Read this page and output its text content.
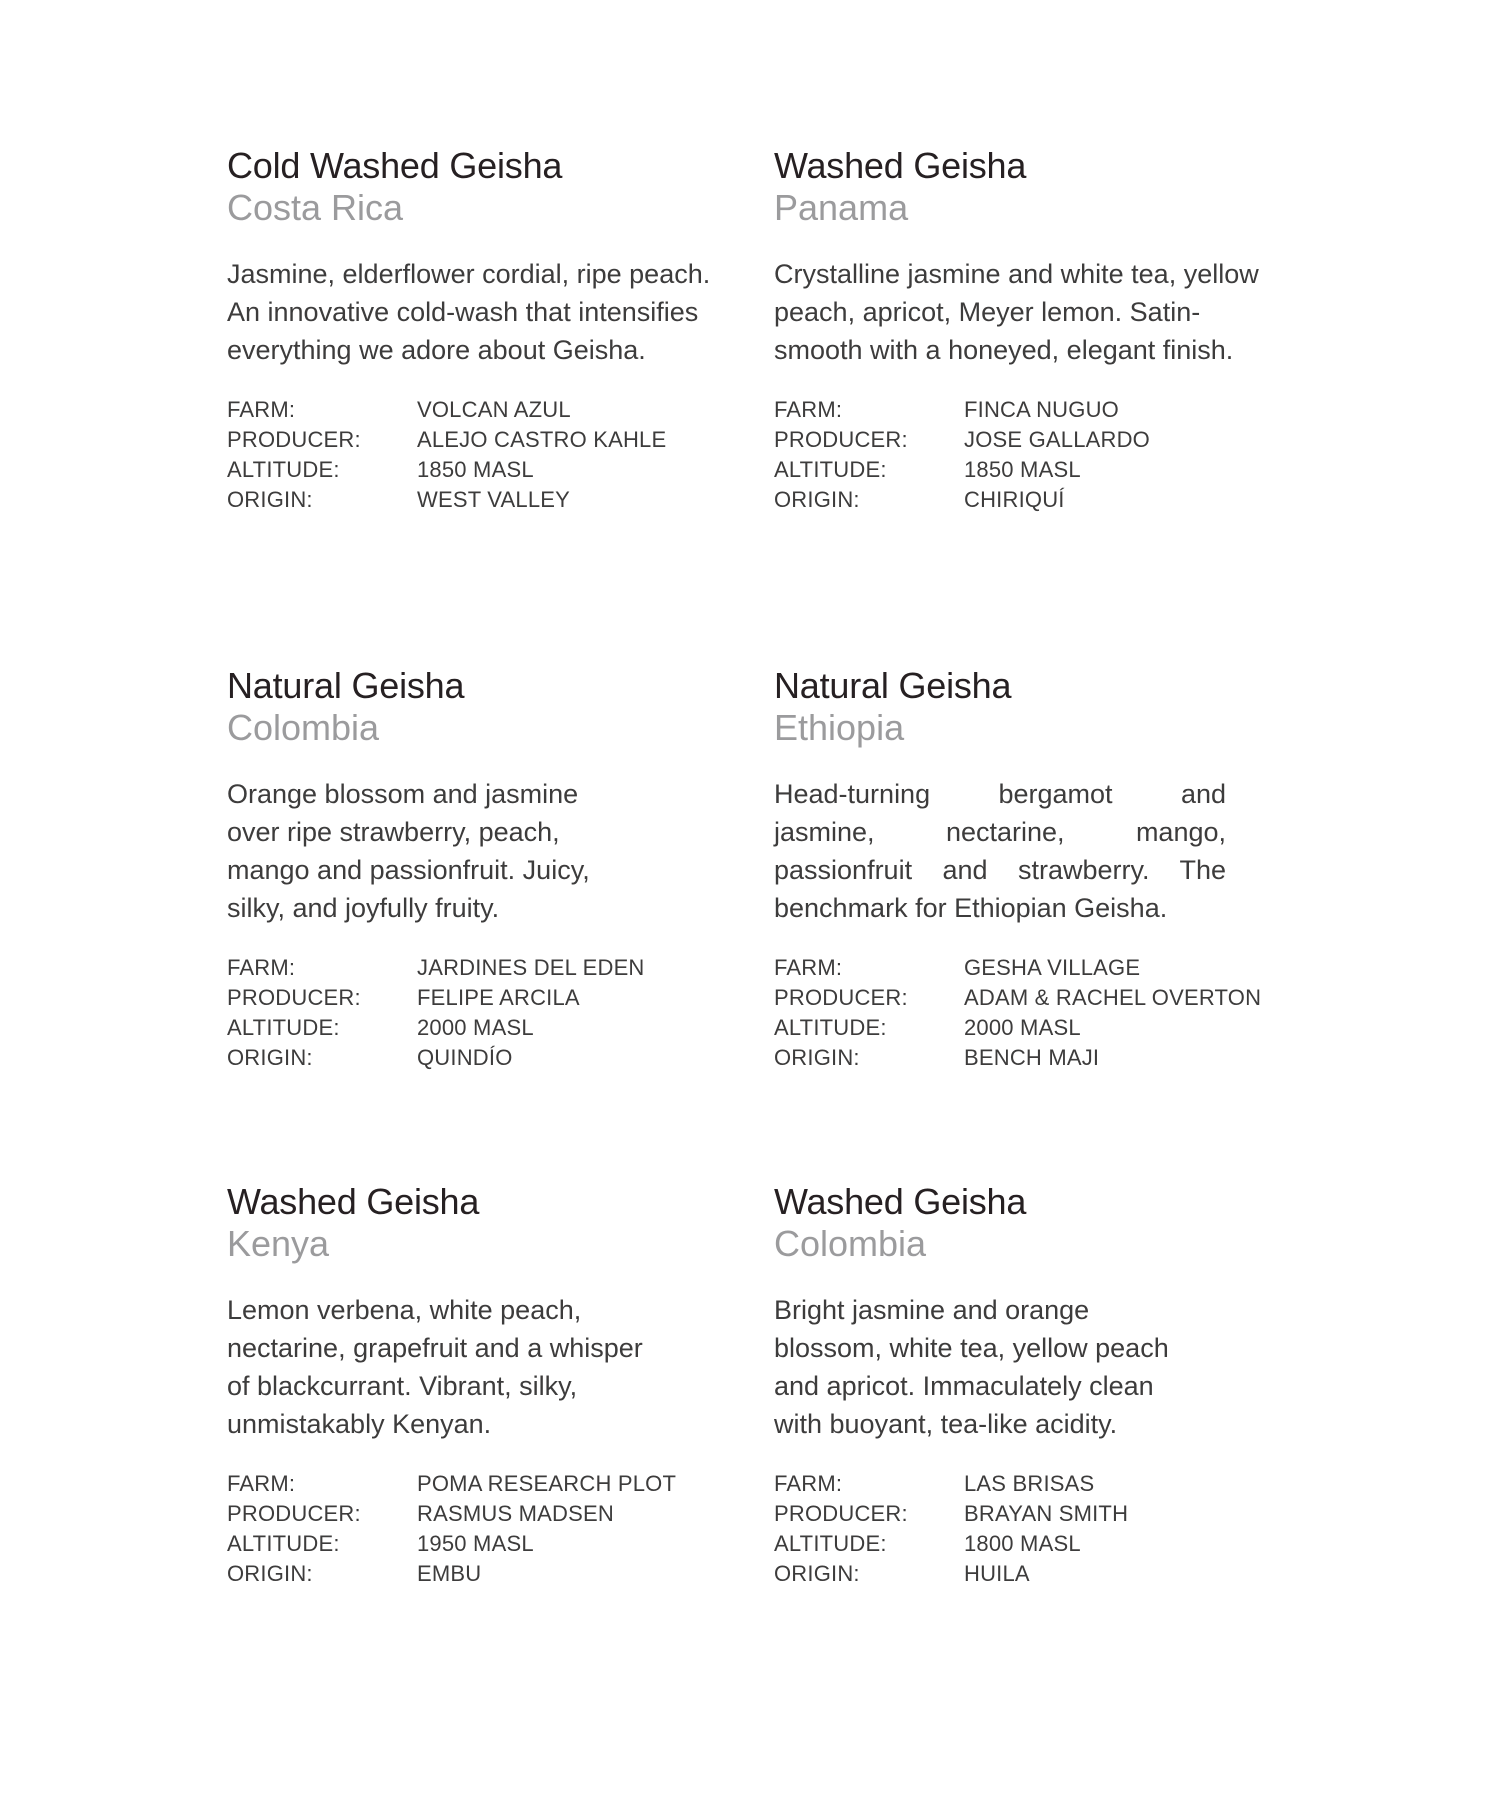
Cold Washed Geisha
Costa Rica
Jasmine, elderflower cordial, ripe peach.
An innovative cold-wash that intensifies
everything we adore about Geisha.
FARM:	VOLCAN AZUL
PRODUCER:	ALEJO CASTRO KAHLE
ALTITUDE:	1850 MASL
ORIGIN:	WEST VALLEY
Washed Geisha
Panama
Crystalline jasmine and white tea, yellow
peach, apricot, Meyer lemon. Satin-
smooth with a honeyed, elegant finish.
FARM:	FINCA NUGUO
PRODUCER:	JOSE GALLARDO
ALTITUDE:	1850 MASL
ORIGIN:	CHIRIQUÍ
Natural Geisha
Colombia
Orange blossom and jasmine
over ripe strawberry, peach,
mango and passionfruit. Juicy,
silky, and joyfully fruity.
FARM:	JARDINES DEL EDEN
PRODUCER:	FELIPE ARCILA
ALTITUDE:	2000 MASL
ORIGIN:	QUINDÍO
Natural Geisha
Ethiopia
Head-turning bergamot and
jasmine, nectarine, mango,
passionfruit and strawberry. The
benchmark for Ethiopian Geisha.
FARM:	GESHA VILLAGE
PRODUCER:	ADAM & RACHEL OVERTON
ALTITUDE:	2000 MASL
ORIGIN:	BENCH MAJI
Washed Geisha
Kenya
Lemon verbena, white peach,
nectarine, grapefruit and a whisper
of blackcurrant. Vibrant, silky,
unmistakably Kenyan.
FARM:	POMA RESEARCH PLOT
PRODUCER:	RASMUS MADSEN
ALTITUDE:	1950 MASL
ORIGIN:	EMBU
Washed Geisha
Colombia
Bright jasmine and orange
blossom, white tea, yellow peach
and apricot. Immaculately clean
with buoyant, tea-like acidity.
FARM:	LAS BRISAS
PRODUCER:	BRAYAN SMITH
ALTITUDE:	1800 MASL
ORIGIN:	HUILA
